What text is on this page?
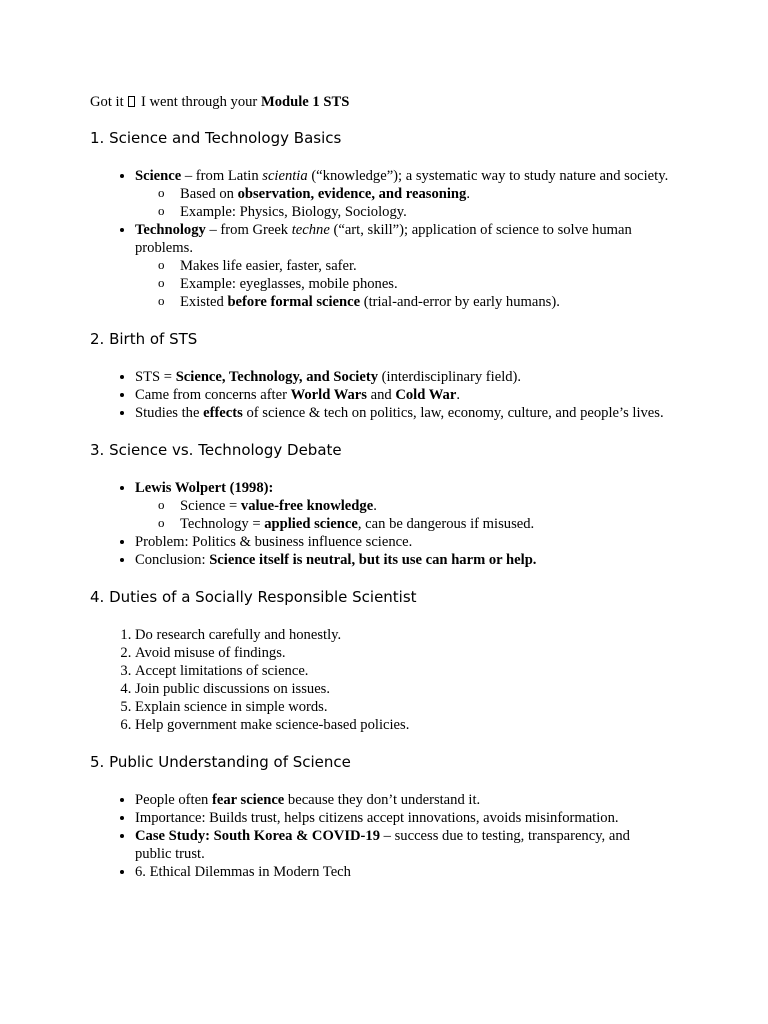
Got it  I went through your Module 1 STS

1. Science and Technology Basics
• Science – from Latin scientia (“knowledge”); a systematic way to study nature and society.
o Based on observation, evidence, and reasoning.
o Example: Physics, Biology, Sociology.
• Technology – from Greek techne (“art, skill”); application of science to solve human problems.
o Makes life easier, faster, safer.
o Example: eyeglasses, mobile phones.
o Existed before formal science (trial-and-error by early humans).
2. Birth of STS
• STS = Science, Technology, and Society (interdisciplinary field).
• Came from concerns after World Wars and Cold War.
• Studies the effects of science & tech on politics, law, economy, culture, and people’s lives.
3. Science vs. Technology Debate
• Lewis Wolpert (1998):
o Science = value-free knowledge.
o Technology = applied science, can be dangerous if misused.
• Problem: Politics & business influence science.
• Conclusion: Science itself is neutral, but its use can harm or help.
4. Duties of a Socially Responsible Scientist
1. Do research carefully and honestly.
2. Avoid misuse of findings.
3. Accept limitations of science.
4. Join public discussions on issues.
5. Explain science in simple words.
6. Help government make science-based policies.
5. Public Understanding of Science
• People often fear science because they don’t understand it.
• Importance: Builds trust, helps citizens accept innovations, avoids misinformation.
• Case Study: South Korea & COVID-19 – success due to testing, transparency, and public trust.
• 6. Ethical Dilemmas in Modern Tech
